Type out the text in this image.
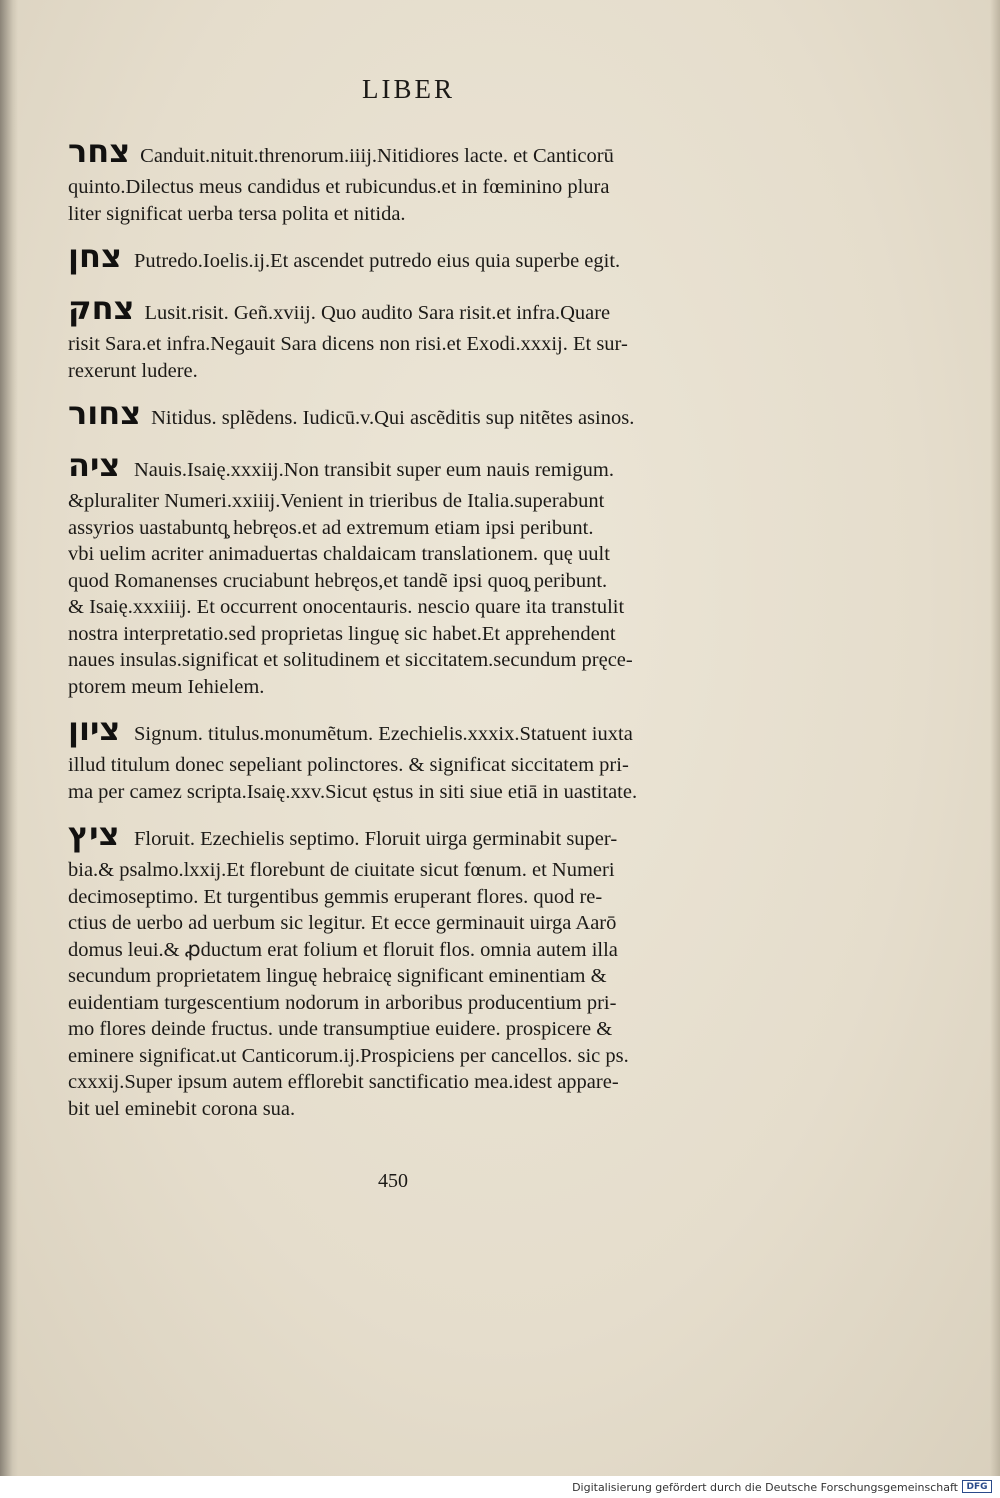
LIBER
צחר Canduit.nituit.threnorum.iiij.Nitidiores lacte. et Canticorū
quinto.Dilectus meus candidus et rubicundus.et in fœminino plura
liter significat uerba tersa polita et nitida.
צחן Putredo.Ioelis.ij.Et ascendet putredo eius quia superbe egit.
צחק Lusit.risit. Geñ.xviij. Quo audito Sara risit.et infra.Quare
risit Sara.et infra.Negauit Sara dicens non risi.et Exodi.xxxij. Et sur-
rexerunt ludere.
צחור Nitidus. splẽdens. Iudicū.v.Qui ascẽditis sup nitẽtes asinos.
ציה Nauis.Isaię.xxxiij.Non transibit super eum nauis remigum.
&pluraliter Numeri.xxiiij.Venient in trieribus de Italia.superabunt
assyrios uastabuntq̧ hebręos.et ad extremum etiam ipsi peribunt.
vbi uelim acriter animaduertas chaldaicam translationem. quę uult
quod Romanenses cruciabunt hebręos,et tandẽ ipsi quoq̧ peribunt.
& Isaię.xxxiiij. Et occurrent onocentauris. nescio quare ita transtulit
nostra interpretatio.sed proprietas linguę sic habet.Et apprehendent
naues insulas.significat et solitudinem et siccitatem.secundum pręce-
ptorem meum Iehielem.
ציון Signum. titulus.monumẽtum. Ezechielis.xxxix.Statuent iuxta
illud titulum donec sepeliant polinctores. & significat siccitatem pri-
ma per camez scripta.Isaię.xxv.Sicut ęstus in siti siue etiā in uastitate.
ציץ Floruit. Ezechielis septimo. Floruit uirga germinabit super-
bia.& psalmo.lxxij.Et florebunt de ciuitate sicut fœnum. et Numeri
decimoseptimo. Et turgentibus gemmis eruperant flores. quod re-
ctius de uerbo ad uerbum sic legitur. Et ecce germinauit uirga Aarō
domus leui.& ꝓductum erat folium et floruit flos. omnia autem illa
secundum proprietatem linguę hebraicę significant eminentiam &
euidentiam turgescentium nodorum in arboribus producentium pri-
mo flores deinde fructus. unde transumptiue euidere. prospicere &
eminere significat.ut Canticorum.ij.Prospiciens per cancellos. sic ps.
cxxxij.Super ipsum autem efflorebit sanctificatio mea.idest appare-
bit uel eminebit corona sua.
450
Digitalisierung gefördert durch die Deutsche Forschungsgemeinschaft DFG
